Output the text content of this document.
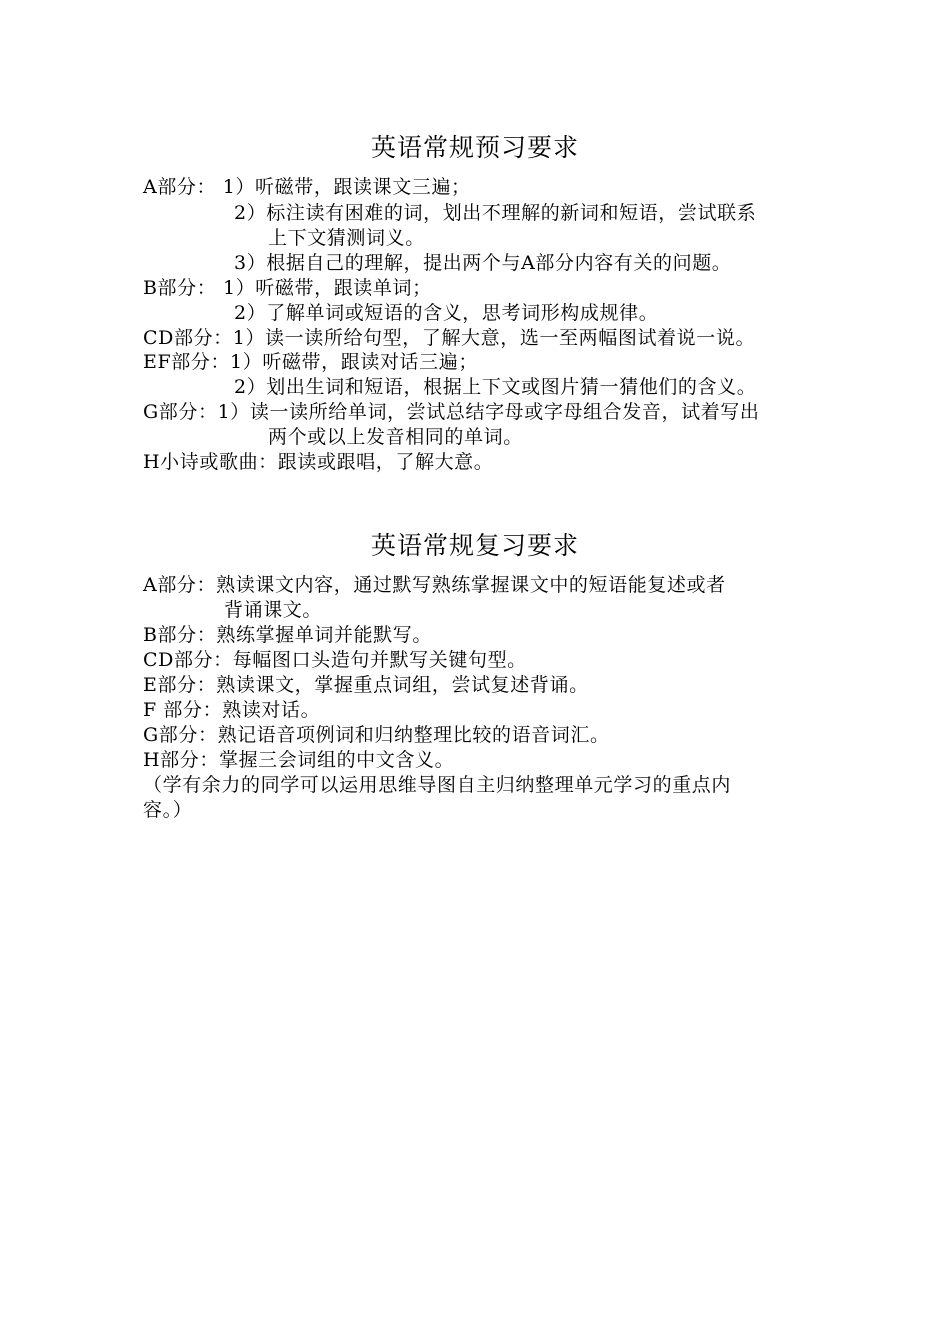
英语常规预习要求
A部分： 1）听磁带，跟读课文三遍；
2）标注读有困难的词，划出不理解的新词和短语，尝试联系
上下文猜测词义。
3）根据自己的理解，提出两个与A部分内容有关的问题。
B部分： 1）听磁带，跟读单词；
2）了解单词或短语的含义，思考词形构成规律。
CD部分：1）读一读所给句型，了解大意，选一至两幅图试着说一说。
EF部分：1）听磁带，跟读对话三遍；
2）划出生词和短语，根据上下文或图片猜一猜他们的含义。
G部分：1）读一读所给单词，尝试总结字母或字母组合发音，试着写出
两个或以上发音相同的单词。
H小诗或歌曲：跟读或跟唱，了解大意。
英语常规复习要求
A部分：熟读课文内容，通过默写熟练掌握课文中的短语能复述或者
背诵课文。
B部分：熟练掌握单词并能默写。
CD部分：每幅图口头造句并默写关键句型。
E部分：熟读课文，掌握重点词组，尝试复述背诵。
F 部分：熟读对话。
G部分：熟记语音项例词和归纳整理比较的语音词汇。
H部分：掌握三会词组的中文含义。
（学有余力的同学可以运用思维导图自主归纳整理单元学习的重点内
容。）
